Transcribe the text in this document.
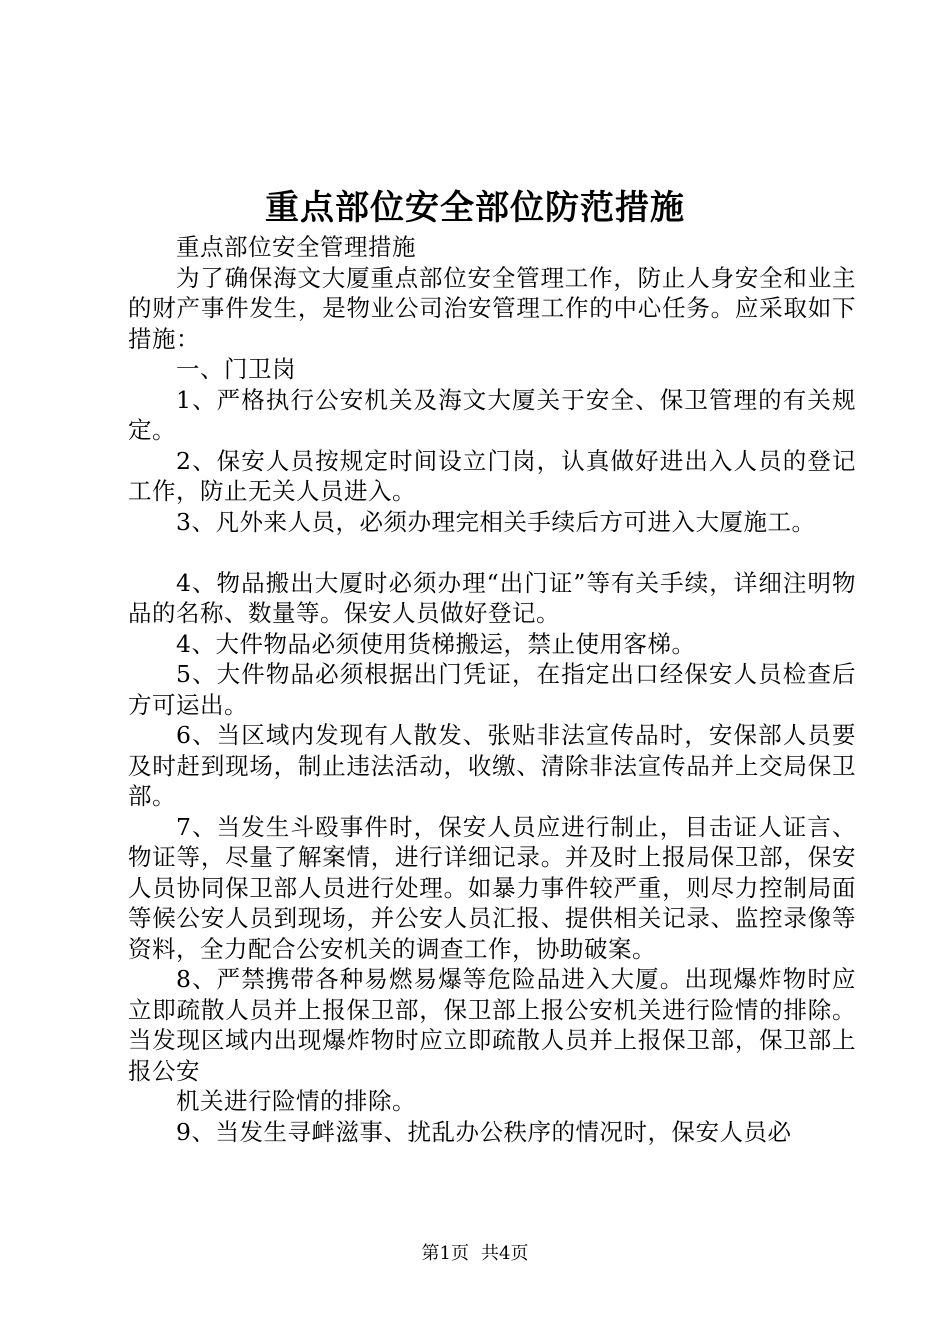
重点部位安全部位防范措施

重点部位安全管理措施

为了确保海文大厦重点部位安全管理工作，防止人身安全和业主的财产事件发生，是物业公司治安管理工作的中心任务。应采取如下措施：

一、门卫岗

1、严格执行公安机关及海文大厦关于安全、保卫管理的有关规定。

2、保安人员按规定时间设立门岗，认真做好进出入人员的登记工作，防止无关人员进入。

3、凡外来人员，必须办理完相关手续后方可进入大厦施工。

4、物品搬出大厦时必须办理“出门证”等有关手续，详细注明物品的名称、数量等。保安人员做好登记。

4、大件物品必须使用货梯搬运，禁止使用客梯。

5、大件物品必须根据出门凭证，在指定出口经保安人员检查后方可运出。

6、当区域内发现有人散发、张贴非法宣传品时，安保部人员要及时赶到现场，制止违法活动，收缴、清除非法宣传品并上交局保卫部。

7、当发生斗殴事件时，保安人员应进行制止，目击证人证言、物证等，尽量了解案情，进行详细记录。并及时上报局保卫部，保安人员协同保卫部人员进行处理。如暴力事件较严重，则尽力控制局面等候公安人员到现场，并公安人员汇报、提供相关记录、监控录像等资料，全力配合公安机关的调查工作，协助破案。

8、严禁携带各种易燃易爆等危险品进入大厦。出现爆炸物时应立即疏散人员并上报保卫部，保卫部上报公安机关进行险情的排除。当发现区域内出现爆炸物时应立即疏散人员并上报保卫部，保卫部上报公安

机关进行险情的排除。

9、当发生寻衅滋事、扰乱办公秩序的情况时，保安人员必

第1页 共4页
